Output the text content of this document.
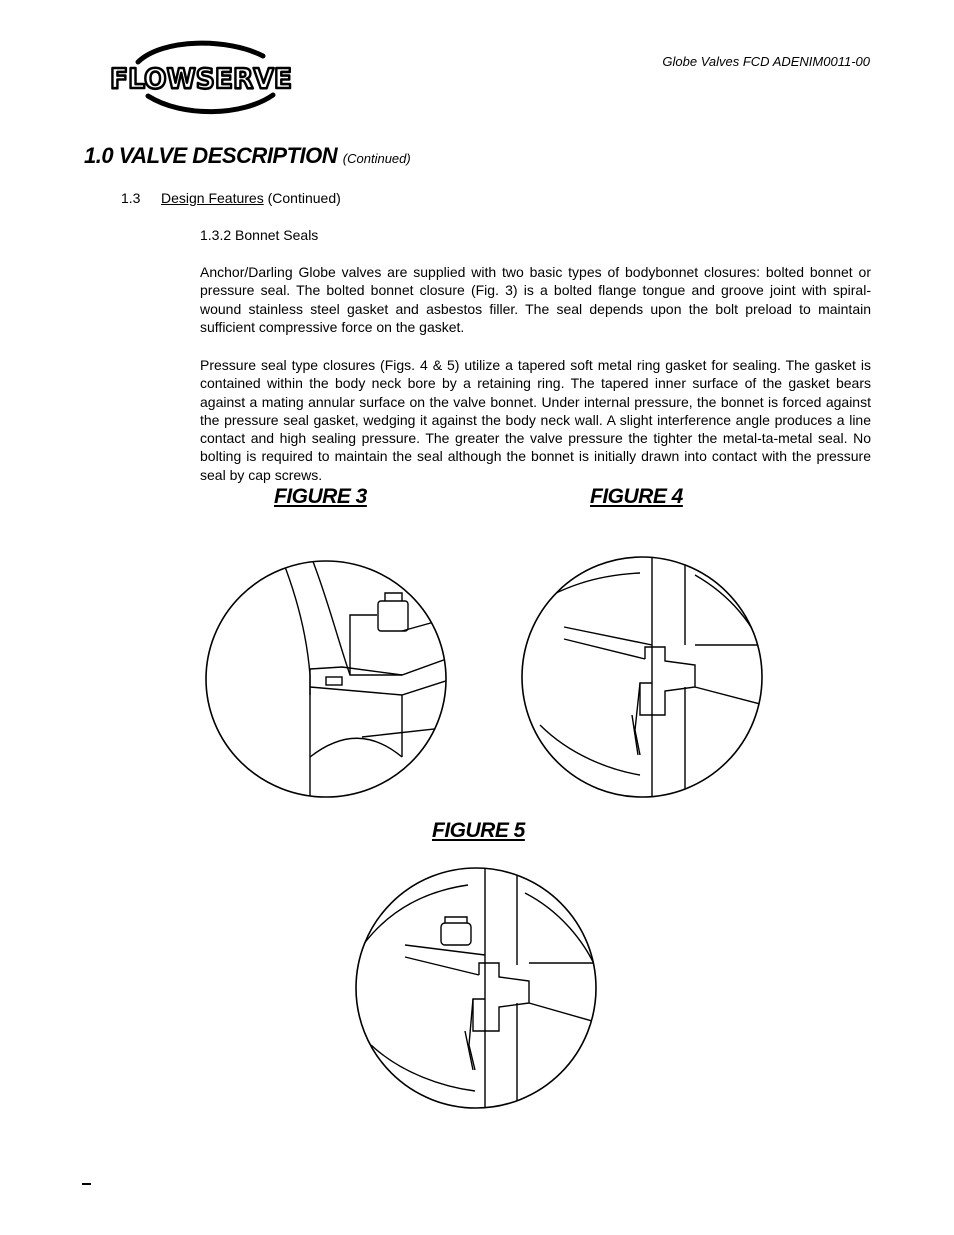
FLOWSERVE
Globe Valves FCD ADENIM0011-00
1.0 VALVE DESCRIPTION (Continued)
1.3 Design Features (Continued)
1.3.2 Bonnet Seals

Anchor/Darling Globe valves are supplied with two basic types of bodybonnet closures: bolted bonnet or pressure seal. The bolted bonnet closure (Fig. 3) is a bolted flange tongue and groove joint with spiral-wound stainless steel gasket and asbestos filler. The seal depends upon the bolt preload to maintain sufficient compressive force on the gasket.

Pressure seal type closures (Figs. 4 & 5) utilize a tapered soft metal ring gasket for sealing. The gasket is contained within the body neck bore by a retaining ring. The tapered inner surface of the gasket bears against a mating annular surface on the valve bonnet. Under internal pressure, the bonnet is forced against the pressure seal gasket, wedging it against the body neck wall. A slight interference angle produces a line contact and high sealing pressure. The greater the valve pressure the tighter the metal-ta-metal seal. No bolting is required to maintain the seal although the bonnet is initially drawn into contact with the pressure seal by cap screws.

FIGURE 3	FIGURE 4
FIGURE 5
